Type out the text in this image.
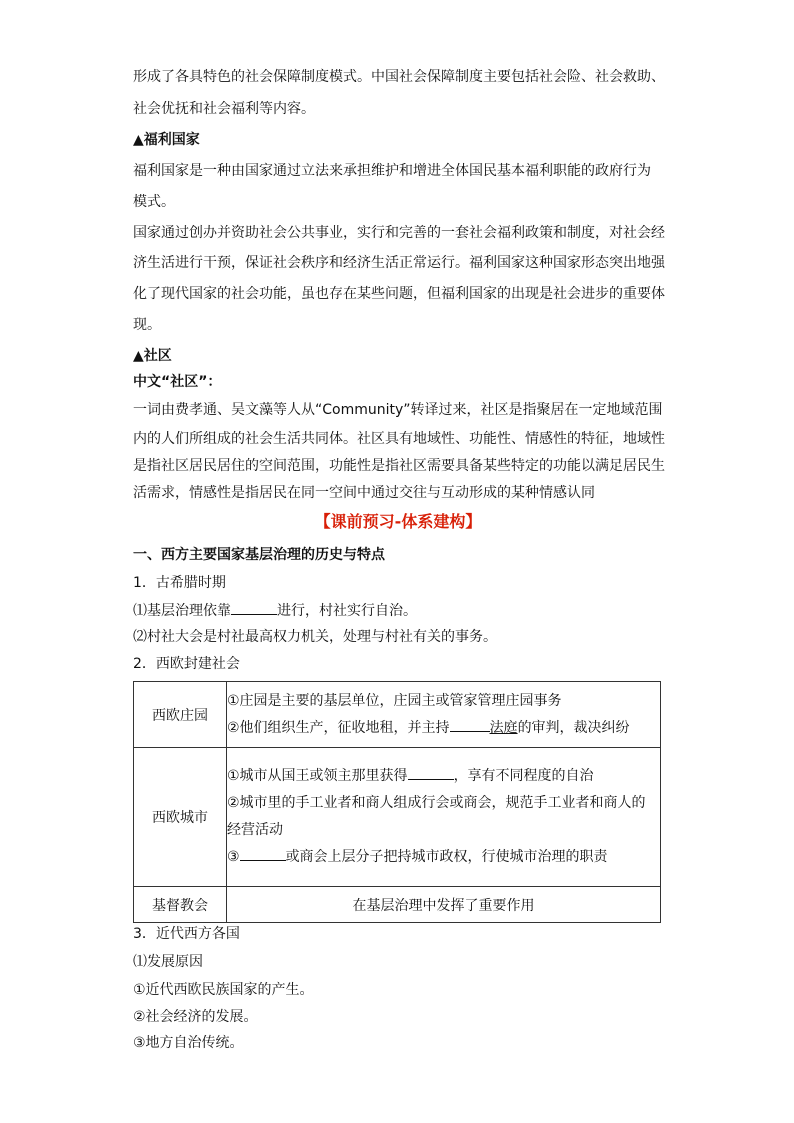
形成了各具特色的社会保障制度模式。中国社会保障制度主要包括社会险、社会救助、
社会优抚和社会福利等内容。
▲福利国家
福利国家是一种由国家通过立法来承担维护和增进全体国民基本福利职能的政府行为
模式。
国家通过创办并资助社会公共事业，实行和完善的一套社会福利政策和制度，对社会经
济生活进行干预，保证社会秩序和经济生活正常运行。福利国家这种国家形态突出地强
化了现代国家的社会功能，虽也存在某些问题，但福利国家的出现是社会进步的重要体
现。
▲社区
中文“社区”：
一词由费孝通、吴文藻等人从“Community”转译过来，社区是指聚居在一定地域范围
内的人们所组成的社会生活共同体。社区具有地域性、功能性、情感性的特征，地域性
是指社区居民居住的空间范围，功能性是指社区需要具备某些特定的功能以满足居民生
活需求，情感性是指居民在同一空间中通过交往与互动形成的某种情感认同
【课前预习-体系建构】
一、西方主要国家基层治理的历史与特点
1．古希腊时期
⑴基层治理依靠	进行，村社实行自治。
⑵村社大会是村社最高权力机关，处理与村社有关的事务。
2．西欧封建社会
西欧庄园	①庄园是主要的基层单位，庄园主或管家管理庄园事务
②他们组织生产，征收地租，并主持 法庭的审判，裁决纠纷

西欧城市	①城市从国王或领主那里获得 ，享有不同程度的自治
②城市里的手工业者和商人组成行会或商会，规范手工业者和商人的
经营活动
③ 或商会上层分子把持城市政权，行使城市治理的职责

基督教会	在基层治理中发挥了重要作用
3．近代西方各国
⑴发展原因
①近代西欧民族国家的产生。
②社会经济的发展。
③地方自治传统。
